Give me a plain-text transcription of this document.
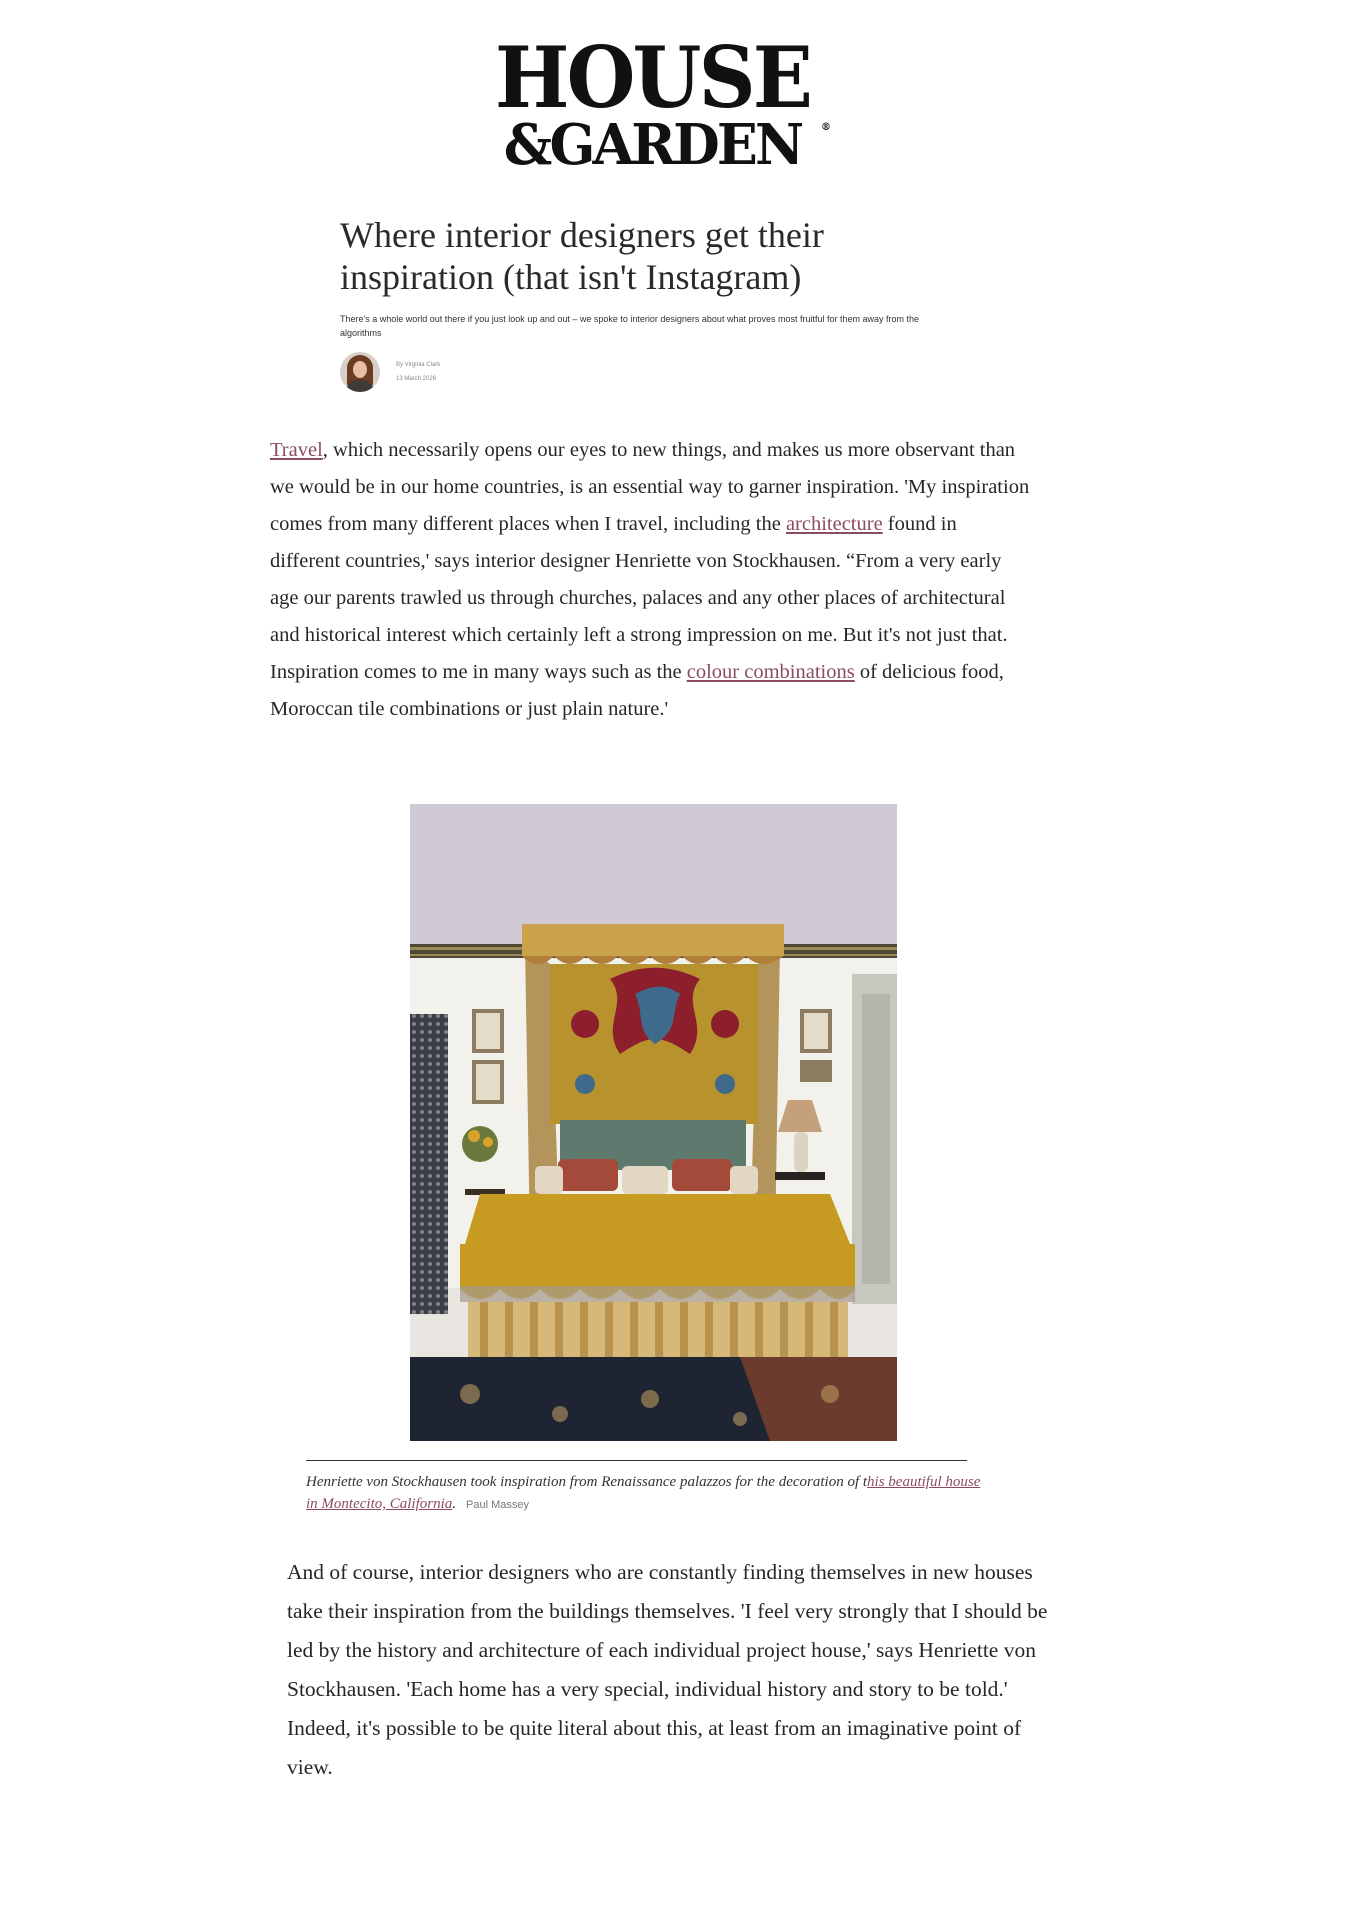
HOUSE
&GARDEN	®
Where interior designers get their inspiration (that isn't Instagram)
There's a whole world out there if you just look up and out – we spoke to interior designers about what proves most fruitful for them away from the algorithms
By Virginia Clark
13 March 2026

Travel, which necessarily opens our eyes to new things, and makes us more observant than we would be in our home countries, is an essential way to garner inspiration. 'My inspiration comes from many different places when I travel, including the architecture found in different countries,' says interior designer Henriette von Stockhausen. “From a very early age our parents trawled us through churches, palaces and any other places of architectural and historical interest which certainly left a strong impression on me. But it's not just that. Inspiration comes to me in many ways such as the colour combinations of delicious food, Moroccan tile combinations or just plain nature.'

Henriette von Stockhausen took inspiration from Renaissance palazzos for the decoration of this beautiful house in Montecito, California. Paul Massey

And of course, interior designers who are constantly finding themselves in new houses take their inspiration from the buildings themselves. 'I feel very strongly that I should be led by the history and architecture of each individual project house,' says Henriette von Stockhausen. 'Each home has a very special, individual history and story to be told.' Indeed, it's possible to be quite literal about this, at least from an imaginative point of view.
